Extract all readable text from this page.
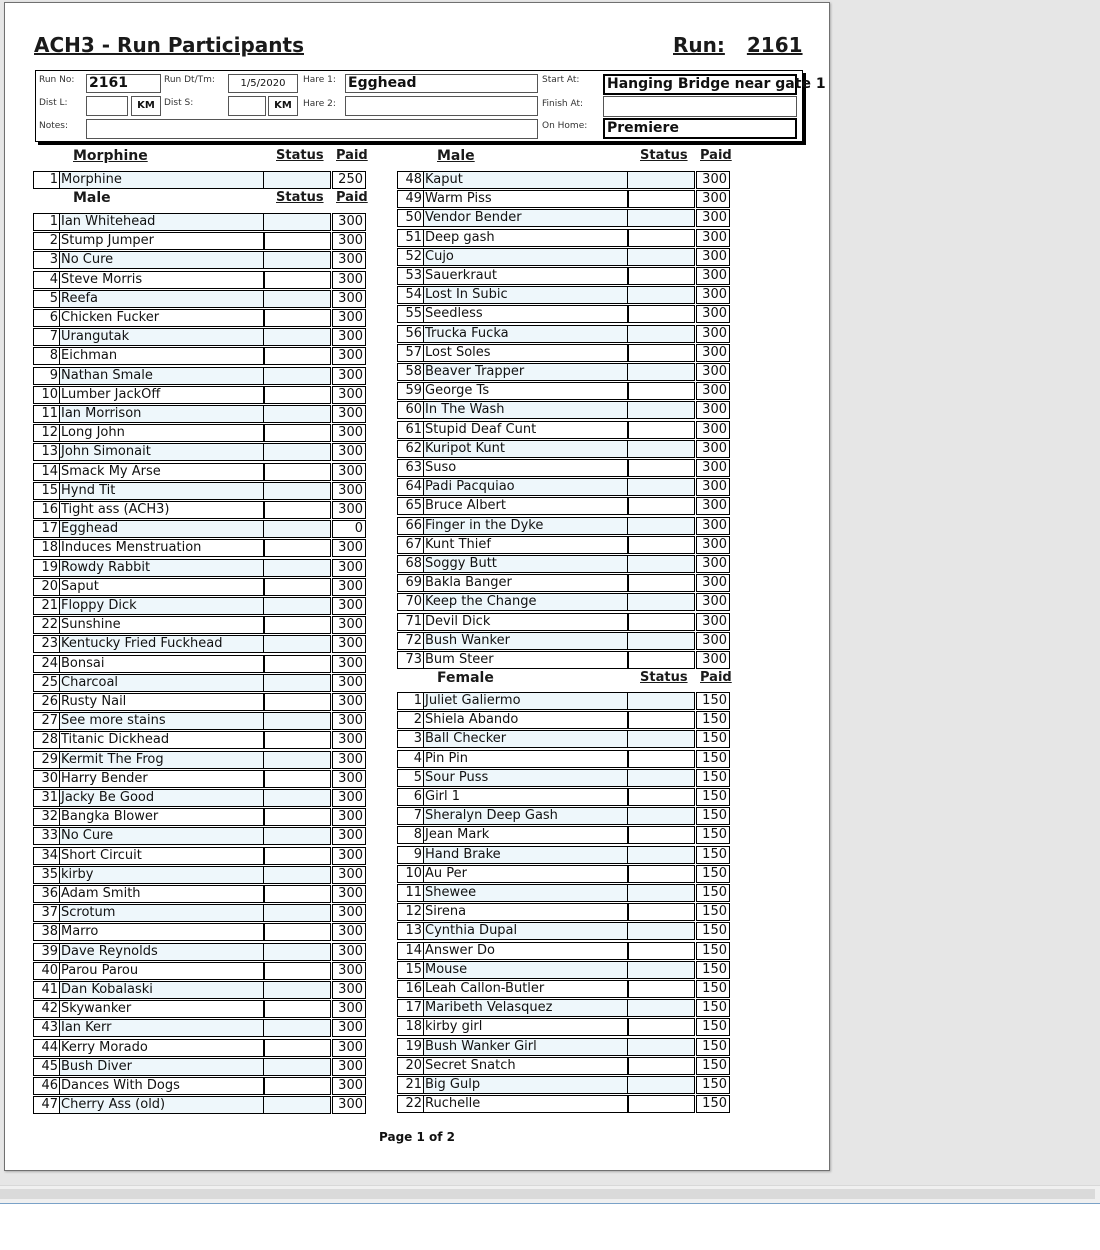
ACH3 - Run Participants	Run: 2161
Run No: 2161	Run Dt/Tm:	1/5/2020	Hare 1: Egghead	Start At: Hanging Bridge near gate 1
Dist L:	KM	Dist S:	KM	Hare 2:	Finish At:
Notes:	On Home: Premiere
Morphine	Status Paid	Male	Status Paid
Male	Status Paid
Female	Status Paid
1 Morphine	250
1 Ian Whitehead	300
2 Stump Jumper	300
3 No Cure	300
4 Steve Morris	300
5 Reefa	300
6 Chicken Fucker	300
7 Urangutak	300
8 Eichman	300
9 Nathan Smale	300
10 Lumber JackOff	300
11 Ian Morrison	300
12 Long John	300
13 John Simonait	300
14 Smack My Arse	300
15 Hynd Tit	300
16 Tight ass (ACH3)	300
17 Egghead	0
18 Induces Menstruation	300
19 Rowdy Rabbit	300
20 Saput	300
21 Floppy Dick	300
22 Sunshine	300
23 Kentucky Fried Fuckhead	300
24 Bonsai	300
25 Charcoal	300
26 Rusty Nail	300
27 See more stains	300
28 Titanic Dickhead	300
29 Kermit The Frog	300
30 Harry Bender	300
31 Jacky Be Good	300
32 Bangka Blower	300
33 No Cure	300
34 Short Circuit	300
35 kirby	300
36 Adam Smith	300
37 Scrotum	300
38 Marro	300
39 Dave Reynolds	300
40 Parou Parou	300
41 Dan Kobalaski	300
42 Skywanker	300
43 Ian Kerr	300
44 Kerry Morado	300
45 Bush Diver	300
46 Dances With Dogs	300
47 Cherry Ass (old)	300
48 Kaput	300
49 Warm Piss	300
50 Vendor Bender	300
51 Deep gash	300
52 Cujo	300
53 Sauerkraut	300
54 Lost In Subic	300
55 Seedless	300
56 Trucka Fucka	300
57 Lost Soles	300
58 Beaver Trapper	300
59 George Ts	300
60 In The Wash	300
61 Stupid Deaf Cunt	300
62 Kuripot Kunt	300
63 Suso	300
64 Padi Pacquiao	300
65 Bruce Albert	300
66 Finger in the Dyke	300
67 Kunt Thief	300
68 Soggy Butt	300
69 Bakla Banger	300
70 Keep the Change	300
71 Devil Dick	300
72 Bush Wanker	300
73 Bum Steer	300
1 Juliet Galiermo	150
2 Shiela Abando	150
3 Ball Checker	150
4 Pin Pin	150
5 Sour Puss	150
6 Girl 1	150
7 Sheralyn Deep Gash	150
8 Jean Mark	150
9 Hand Brake	150
10 Au Per	150
11 Shewee	150
12 Sirena	150
13 Cynthia Dupal	150
14 Answer Do	150
15 Mouse	150
16 Leah Callon-Butler	150
17 Maribeth Velasquez	150
18 kirby girl	150
19 Bush Wanker Girl	150
20 Secret Snatch	150
21 Big Gulp	150
22 Ruchelle	150
Page 1 of 2
